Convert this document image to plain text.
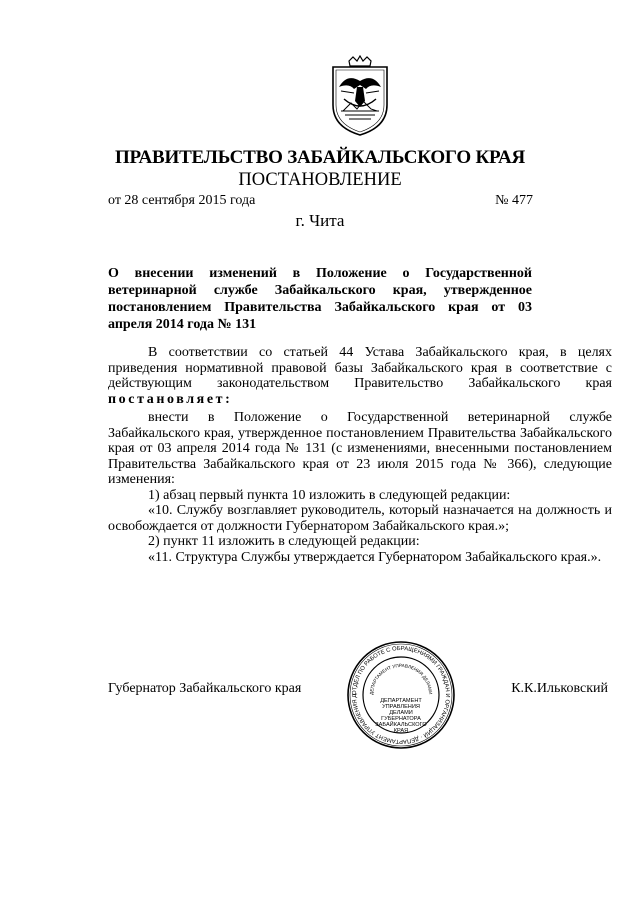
ПРАВИТЕЛЬСТВО ЗАБАЙКАЛЬСКОГО КРАЯ
ПОСТАНОВЛЕНИЕ
от 28 сентября 2015 года	№ 477
г. Чита
О внесении изменений в Положение о Государственной ветеринарной службе Забайкальского края, утвержденное постановлением Правительства Забайкальского края от 03 апреля 2014 года № 131

В соответствии со статьей 44 Устава Забайкальского края, в целях приведения нормативной правовой базы Забайкальского края в соответствие с действующим законодательством Правительство Забайкальского края постановляет:

внести в Положение о Государственной ветеринарной службе Забайкальского края, утвержденное постановлением Правительства Забайкальского края от 03 апреля 2014 года № 131 (с изменениями, внесенными постановлением Правительства Забайкальского края от 23 июля 2015 года № 366), следующие изменения:

1) абзац первый пункта 10 изложить в следующей редакции:

«10. Службу возглавляет руководитель, который назначается на должность и освобождается от должности Губернатором Забайкальского края.»;

2) пункт 11 изложить в следующей редакции:

«11. Структура Службы утверждается Губернатором Забайкальского края.».

Губернатор Забайкальского края	К.К.Ильковский
ОТДЕЛ ПО РАБОТЕ С ОБРАЩЕНИЯМИ ГРАЖДАН И ОРГАНИЗАЦИЙ · ДЕПАРТАМЕНТ УПРАВЛЕНИЯ Д
ДЕПАРТАМЕНТ УПРАВЛЕНИЯ ДЕЛАМИ
ДЕПАРТАМЕНТ
УПРАВЛЕНИЯ
ДЕЛАМИ
ГУБЕРНАТОРА
ЗАБАЙКАЛЬСКОГО
КРАЯ
